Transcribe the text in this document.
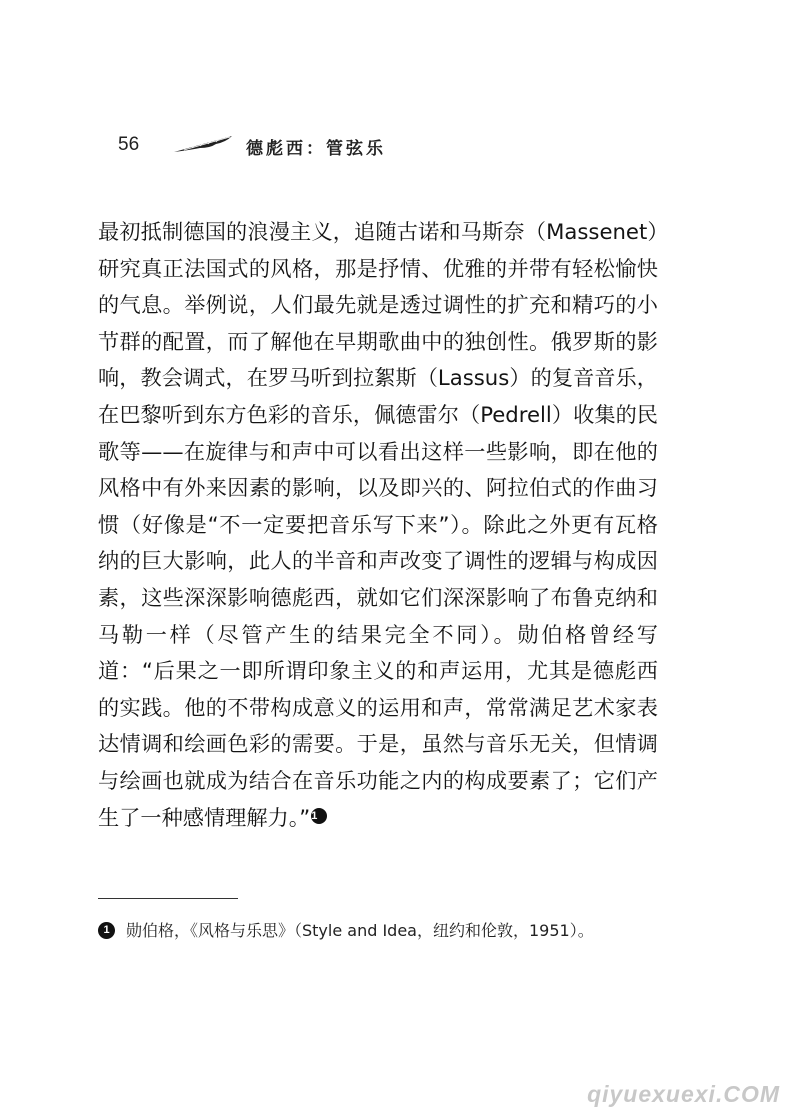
56	德彪西：管弦乐

最初抵制德国的浪漫主义，追随古诺和马斯奈（Massenet）研究真正法国式的风格，那是抒情、优雅的并带有轻松愉快的气息。举例说，人们最先就是透过调性的扩充和精巧的小节群的配置，而了解他在早期歌曲中的独创性。俄罗斯的影响，教会调式，在罗马听到拉絮斯（Lassus）的复音音乐，在巴黎听到东方色彩的音乐，佩德雷尔（Pedrell）收集的民歌等——在旋律与和声中可以看出这样一些影响，即在他的风格中有外来因素的影响，以及即兴的、阿拉伯式的作曲习惯（好像是“不一定要把音乐写下来”）。除此之外更有瓦格纳的巨大影响，此人的半音和声改变了调性的逻辑与构成因素，这些深深影响德彪西，就如它们深深影响了布鲁克纳和马勒一样（尽管产生的结果完全不同）。勋伯格曾经写道：“后果之一即所谓印象主义的和声运用，尤其是德彪西的实践。他的不带构成意义的运用和声，常常满足艺术家表达情调和绘画色彩的需要。于是，虽然与音乐无关，但情调与绘画也就成为结合在音乐功能之内的构成要素了；它们产生了一种感情理解力。”1

1	勋伯格，《风格与乐思》（Style and Idea，纽约和伦敦，1951）。
qiyuexuexi.COM
